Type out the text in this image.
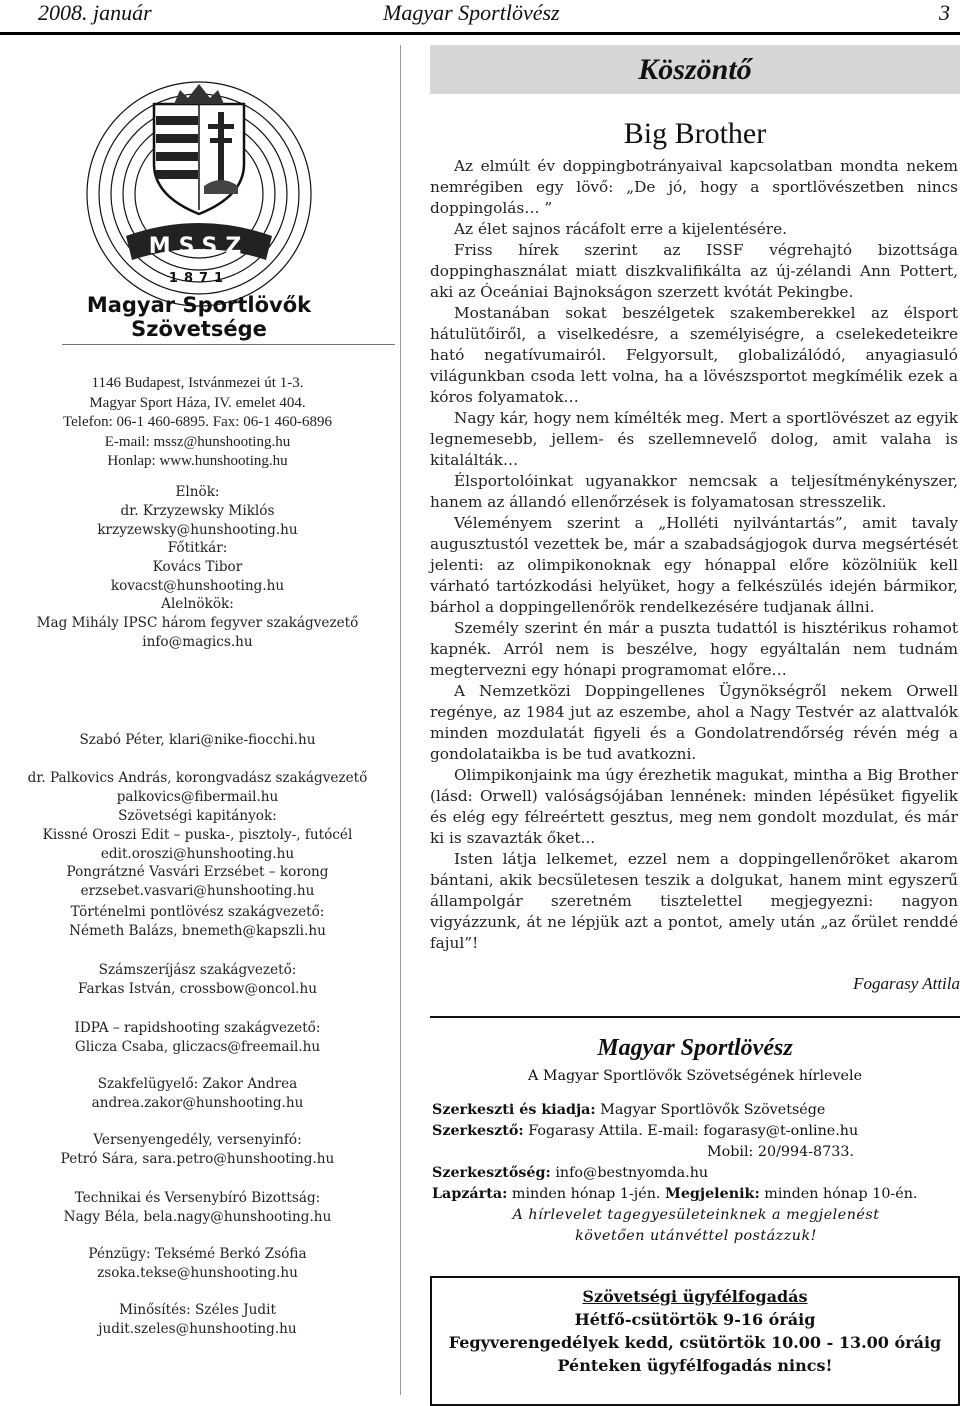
2008. január	Magyar Sportlövész	3
MSSZ
1871
Magyar Sportlövők
Szövetsége
1146 Budapest, Istvánmezei út 1-3.
Magyar Sport Háza, IV. emelet 404.
Telefon: 06-1 460-6895. Fax: 06-1 460-6896
E-mail: mssz@hunshooting.hu
Honlap: www.hunshooting.hu
Elnök:
dr. Krzyzewsky Miklós
krzyzewsky@hunshooting.hu
Főtitkár:
Kovács Tibor
kovacst@hunshooting.hu
Alelnökök:
Mag Mihály IPSC három fegyver szakágvezető
info@magics.hu
Szabó Péter, klari@nike-fiocchi.hu
dr. Palkovics András, korongvadász szakágvezető
palkovics@fibermail.hu
Szövetségi kapitányok:
Kissné Oroszi Edit – puska-, pisztoly-, futócél
edit.oroszi@hunshooting.hu
Pongrátzné Vasvári Erzsébet – korong
erzsebet.vasvari@hunshooting.hu
Történelmi pontlövész szakágvezető:
Németh Balázs, bnemeth@kapszli.hu
Számszeríjász szakágvezető:
Farkas István, crossbow@oncol.hu
IDPA – rapidshooting szakágvezető:
Glicza Csaba, gliczacs@freemail.hu
Szakfelügyelő: Zakor Andrea
andrea.zakor@hunshooting.hu
Versenyengedély, versenyinfó:
Petró Sára, sara.petro@hunshooting.hu
Technikai és Versenybíró Bizottság:
Nagy Béla, bela.nagy@hunshooting.hu
Pénzügy: Teksémé Berkó Zsófia
zsoka.tekse@hunshooting.hu
Minősítés: Széles Judit
judit.szeles@hunshooting.hu
Köszöntő
Big Brother

Az elmúlt év doppingbotrányaival kapcsolatban mondta nekem nemrégiben egy lövő: „De jó, hogy a sportlövészetben nincs doppingolás… ”

Az élet sajnos rácáfolt erre a kijelentésére.

Friss hírek szerint az ISSF végrehajtó bizottsága doppinghasználat miatt diszkvalifikálta az új-zélandi Ann Pottert, aki az Óceániai Bajnokságon szerzett kvótát Pekingbe.

Mostanában sokat beszélgetek szakemberekkel az élsport hátulütőiről, a viselkedésre, a személyiségre, a cselekedeteikre ható negatívumairól. Felgyorsult, globalizálódó, anyagiasuló világunkban csoda lett volna, ha a lövészsportot megkímélik ezek a kóros folyamatok…

Nagy kár, hogy nem kímélték meg. Mert a sportlövészet az egyik legnemesebb, jellem- és szellemnevelő dolog, amit valaha is kitalálták…

Élsportolóinkat ugyanakkor nemcsak a teljesítménykényszer, hanem az állandó ellenőrzések is folyamatosan stresszelik.

Véleményem szerint a „Holléti nyilvántartás”, amit tavaly augusztustól vezettek be, már a szabadságjogok durva megsértését jelenti: az olimpikonoknak egy hónappal előre közölniük kell várható tartózkodási helyüket, hogy a felkészülés idején bármikor, bárhol a doppingellenőrök rendelkezésére tudjanak állni.

Személy szerint én már a puszta tudattól is hisztérikus rohamot kapnék. Arról nem is beszélve, hogy egyáltalán nem tudnám megtervezni egy hónapi programomat előre…

A Nemzetközi Doppingellenes Ügynökségről nekem Orwell regénye, az 1984 jut az eszembe, ahol a Nagy Testvér az alattvalók minden mozdulatát figyeli és a Gondolatrendőrség révén még a gondolataikba is be tud avatkozni.

Olimpikonjaink ma úgy érezhetik magukat, mintha a Big Brother (lásd: Orwell) valóságsójában lennének: minden lépésüket figyelik és elég egy félreértett gesztus, meg nem gondolt mozdulat, és már ki is szavazták őket...

Isten látja lelkemet, ezzel nem a doppingellenőröket akarom bántani, akik becsületesen teszik a dolgukat, hanem mint egyszerű állampolgár szeretném tisztelettel megjegyezni: nagyon vigyázzunk, át ne lépjük azt a pontot, amely után „az őrület renddé fajul”!

Fogarasy Attila
Magyar Sportlövész
A Magyar Sportlövők Szövetségének hírlevele
Szerkeszti és kiadja: Magyar Sportlövők Szövetsége
Szerkesztő: Fogarasy Attila. E-mail: fogarasy@t-online.hu
Mobil: 20/994-8733.
Szerkesztőség: info@bestnyomda.hu
Lapzárta: minden hónap 1-jén. Megjelenik: minden hónap 10-én.
A hírlevelet tagegyesületeinknek a megjelenést
követően utánvéttel postázzuk!
Szövetségi ügyfélfogadás
Hétfő-csütörtök 9-16 óráig
Fegyverengedélyek kedd, csütörtök 10.00 - 13.00 óráig
Pénteken ügyfélfogadás nincs!
